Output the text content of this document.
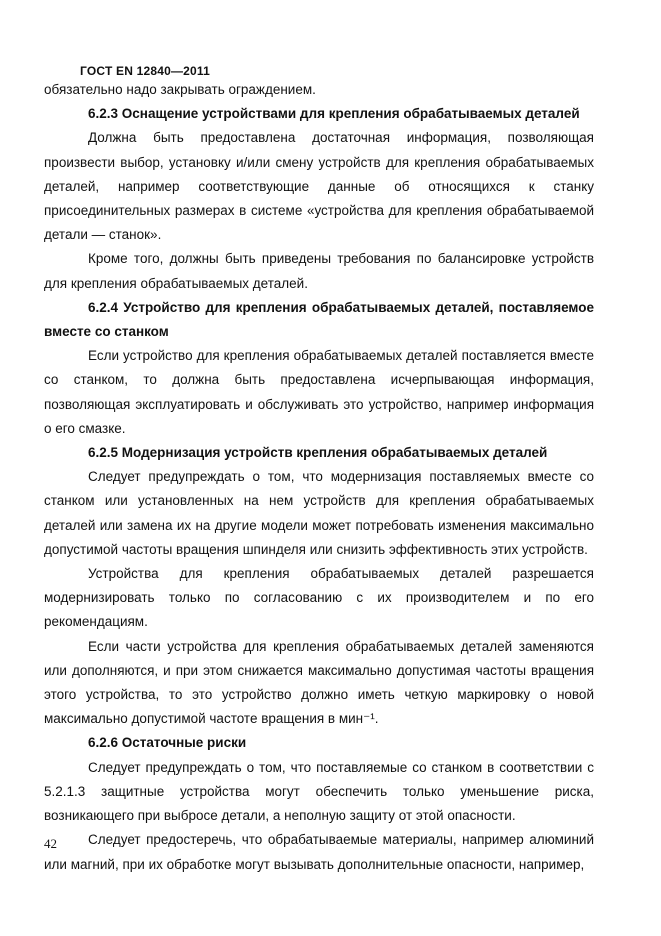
ГОСТ EN 12840—2011

обязательно надо закрывать ограждением.

6.2.3 Оснащение устройствами для крепления обрабатываемых деталей

Должна быть предоставлена достаточная информация, позволяющая произвести выбор, установку и/или смену устройств для крепления обрабатываемых деталей, например соответствующие данные об относящихся к станку присоединительных размерах в системе «устройства для крепления обрабатываемой детали — станок».

Кроме того, должны быть приведены требования по балансировке устройств для крепления обрабатываемых деталей.

6.2.4 Устройство для крепления обрабатываемых деталей, поставляемое вместе со станком

Если устройство для крепления обрабатываемых деталей поставляется вместе со станком, то должна быть предоставлена исчерпывающая информация, позволяющая эксплуатировать и обслуживать это устройство, например информация о его смазке.

6.2.5 Модернизация устройств крепления обрабатываемых деталей

Следует предупреждать о том, что модернизация поставляемых вместе со станком или установленных на нем устройств для крепления обрабатываемых деталей или замена их на другие модели может потребовать изменения максимально допустимой частоты вращения шпинделя или снизить эффективность этих устройств.

Устройства для крепления обрабатываемых деталей разрешается модернизировать только по согласованию с их производителем и по его рекомендациям.

Если части устройства для крепления обрабатываемых деталей заменяются или дополняются, и при этом снижается максимально допустимая частоты вращения этого устройства, то это устройство должно иметь четкую маркировку о новой максимально допустимой частоте вращения в мин⁻¹.

6.2.6 Остаточные риски

Следует предупреждать о том, что поставляемые со станком в соответствии с 5.2.1.3 защитные устройства могут обеспечить только уменьшение риска, возникающего при выбросе детали, а неполную защиту от этой опасности.

Следует предостеречь, что обрабатываемые материалы, например алюминий или магний, при их обработке могут вызывать дополнительные опасности, например,

42
